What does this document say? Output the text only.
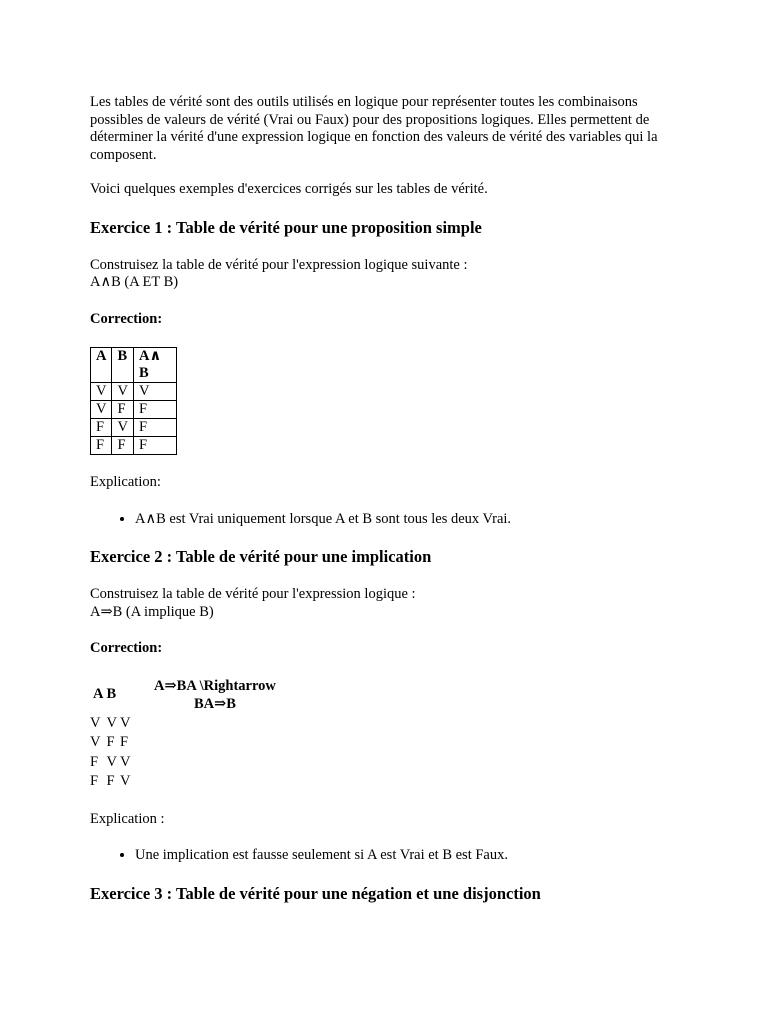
Les tables de vérité sont des outils utilisés en logique pour représenter toutes les combinaisons possibles de valeurs de vérité (Vrai ou Faux) pour des propositions logiques. Elles permettent de déterminer la vérité d'une expression logique en fonction des valeurs de vérité des variables qui la composent.

Voici quelques exemples d'exercices corrigés sur les tables de vérité.

Exercice 1 : Table de vérité pour une proposition simple

Construisez la table de vérité pour l'expression logique suivante :

A∧B (A ET B)

Correction:

A	B	A∧ B
V	V	V
V	F	F
F	V	F
F	F	F

Explication:

• A∧B est Vrai uniquement lorsque A et B sont tous les deux Vrai.
Exercice 2 : Table de vérité pour une implication

Construisez la table de vérité pour l'expression logique :

A⇒B (A implique B)

Correction:

A	B	A⇒BA \Rightarrow BA⇒B
V	V	V
V	F	F
F	V	V
F	F	V

Explication :

• Une implication est fausse seulement si A est Vrai et B est Faux.
Exercice 3 : Table de vérité pour une négation et une disjonction
